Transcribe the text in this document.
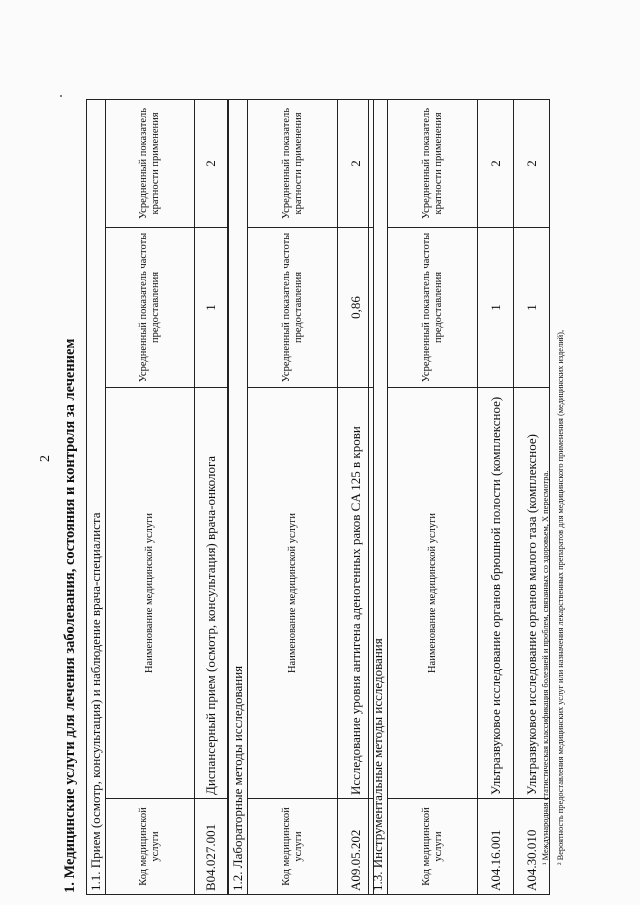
2 1. Медицинские услуги для лечения заболевания, состояния и контроля за лечением 1.1. Прием (осмотр, консультация) и наблюдение врача-специалиста			
Код медицинской услуги	Наименование медицинской услуги	Усредненный показатель частоты предоставления	Усредненный показатель кратности применения
B04.027.001	Диспансерный прием (осмотр, консультация) врача-онколога	1	2
1.2. Лабораторные методы исследования			
Код медицинской услуги	Наименование медицинской услуги	Усредненный показатель частоты предоставления	Усредненный показатель кратности применения
A09.05.202	Исследование уровня антигена аденогенных раков CA 125 в крови	0,86	2
1.3. Инструментальные методы исследования			
Код медицинской услуги	Наименование медицинской услуги	Усредненный показатель частоты предоставления	Усредненный показатель кратности применения
A04.16.001	Ультразвуковое исследование органов брюшной полости (комплексное)	1	2
A04.30.010	Ультразвуковое исследование органов малого таза (комплексное)	1	2
¹ Международная статистическая классификация болезней и проблем, связанных со здоровьем, X пересмотра. ² Вероятность предоставления медицинских услуг или назначения лекарственных препаратов для медицинского применения (медицинских изделий),
